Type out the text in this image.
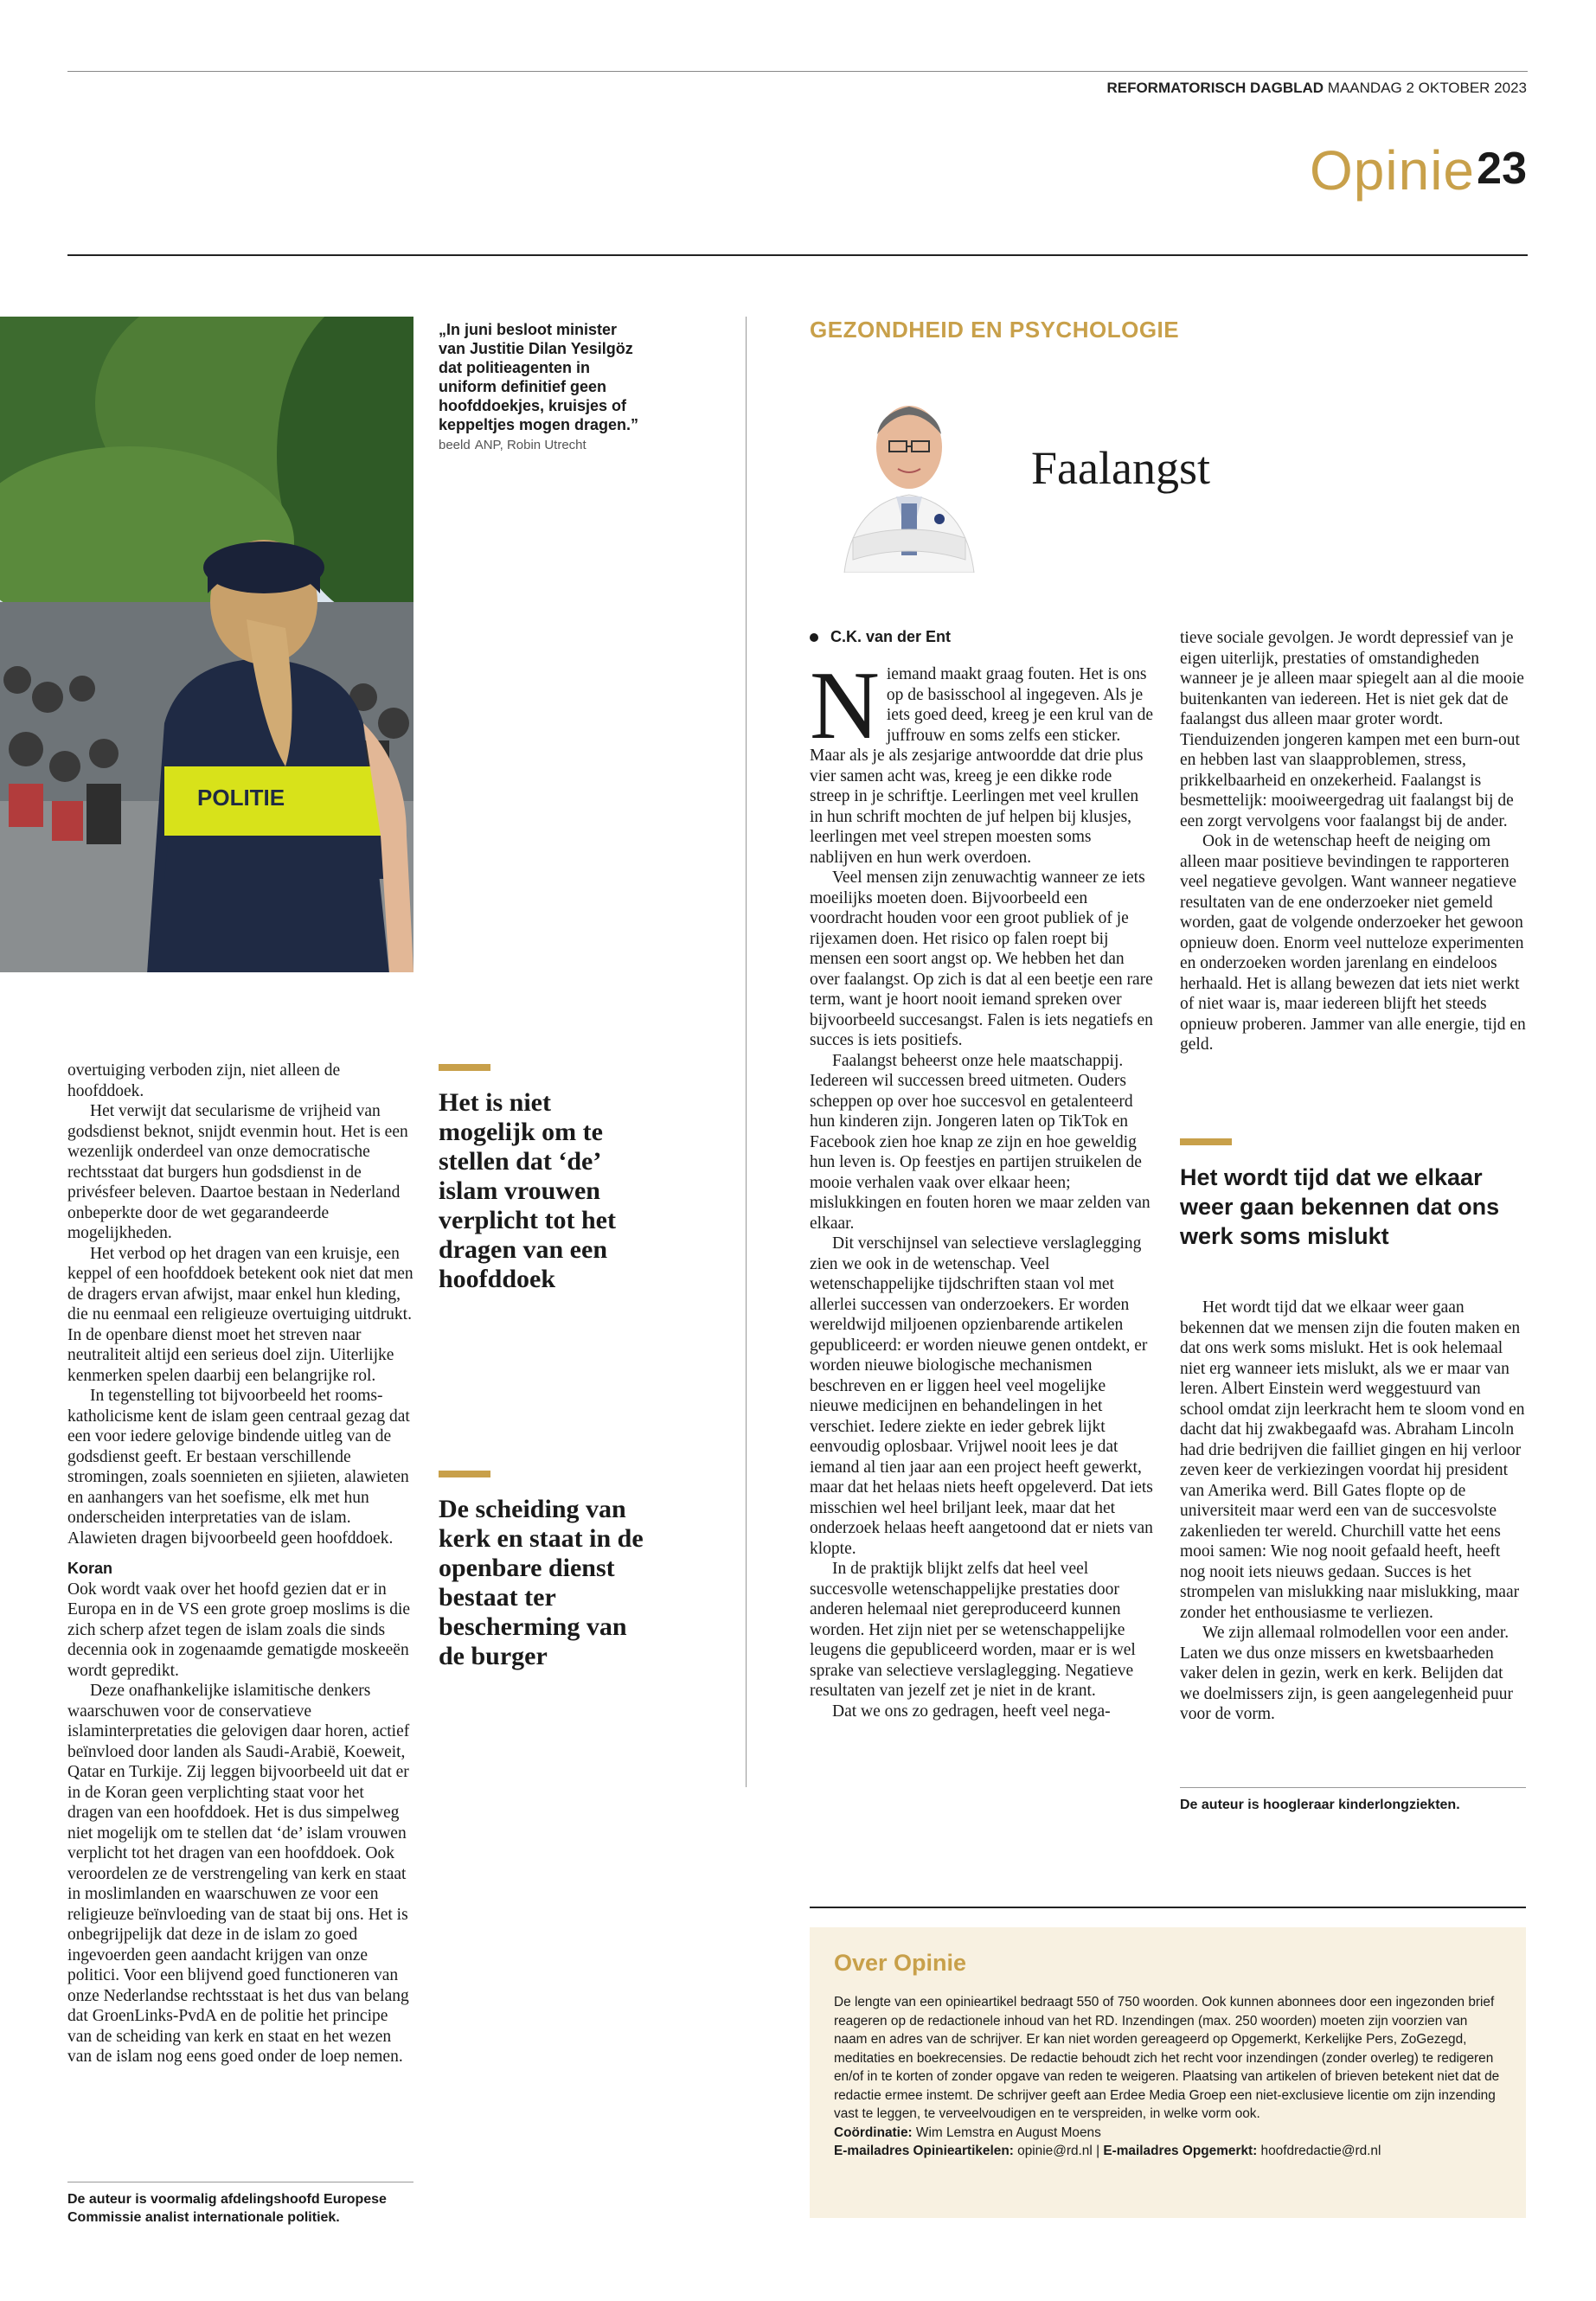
REFORMATORISCH DAGBLAD MAANDAG 2 OKTOBER 2023
Opinie 23
POLITIE
„In juni besloot minister van Justitie Dilan Yesilgöz dat politieagenten in uniform definitief geen hoofddoekjes, kruisjes of keppeltjes mogen dragen.” beeld ANP, Robin Utrecht

overtuiging verboden zijn, niet alleen de hoofddoek.

Het verwijt dat secularisme de vrijheid van godsdienst beknot, snijdt evenmin hout. Het is een wezenlijk onderdeel van onze democratische rechtsstaat dat burgers hun godsdienst in de privésfeer beleven. Daartoe bestaan in Nederland onbeperkte door de wet gegarandeerde mogelijkheden.

Het verbod op het dragen van een kruisje, een keppel of een hoofddoek betekent ook niet dat men de dragers ervan afwijst, maar enkel hun kleding, die nu eenmaal een religieuze overtuiging uitdrukt. In de openbare dienst moet het streven naar neutraliteit altijd een serieus doel zijn. Uiterlijke kenmerken spelen daarbij een belangrijke rol.

In tegenstelling tot bijvoorbeeld het rooms-katholicisme kent de islam geen centraal gezag dat een voor iedere gelovige bindende uitleg van de godsdienst geeft. Er bestaan verschillende stromingen, zoals soennieten en sjiieten, alawieten en aanhangers van het soefisme, elk met hun onderscheiden interpretaties van de islam. Alawieten dragen bijvoorbeeld geen hoofddoek.

Koran

Ook wordt vaak over het hoofd gezien dat er in Europa en in de VS een grote groep moslims is die zich scherp afzet tegen de islam zoals die sinds decennia ook in zogenaamde gematigde moskeeën wordt gepredikt.

Deze onafhankelijke islamitische denkers waarschuwen voor de conservatieve islaminterpretaties die gelovigen daar horen, actief beïnvloed door landen als Saudi-Arabië, Koeweit, Qatar en Turkije. Zij leggen bijvoorbeeld uit dat er in de Koran geen verplichting staat voor het dragen van een hoofddoek. Het is dus simpelweg niet mogelijk om te stellen dat ‘de’ islam vrouwen verplicht tot het dragen van een hoofddoek. Ook veroordelen ze de verstrengeling van kerk en staat in moslimlanden en waarschuwen ze voor een religieuze beïnvloeding van de staat bij ons. Het is onbegrijpelijk dat deze in de islam zo goed ingevoerden geen aandacht krijgen van onze politici. Voor een blijvend goed functioneren van onze Nederlandse rechtsstaat is het dus van belang dat GroenLinks-PvdA en de politie het principe van de scheiding van kerk en staat en het wezen van de islam nog eens goed onder de loep nemen.

De auteur is voormalig afdelingshoofd Europese Commissie analist internationale politiek.
Het is niet mogelijk om te stellen dat ‘de’ islam vrouwen verplicht tot het dragen van een hoofddoek
De scheiding van kerk en staat in de openbare dienst bestaat ter bescherming van de burger
GEZONDHEID EN PSYCHOLOGIE
Faalangst
C.K. van der Ent
N iemand maakt graag fouten. Het is ons op de basisschool al ingegeven. Als je iets goed deed, kreeg je een krul van de juffrouw en soms zelfs een sticker. Maar als je als zesjarige antwoordde dat drie plus vier samen acht was, kreeg je een dikke rode streep in je schriftje. Leerlingen met veel krullen in hun schrift mochten de juf helpen bij klusjes, leerlingen met veel strepen moesten soms nablijven en hun werk overdoen.

Veel mensen zijn zenuwachtig wanneer ze iets moeilijks moeten doen. Bijvoorbeeld een voordracht houden voor een groot publiek of je rijexamen doen. Het risico op falen roept bij mensen een soort angst op. We hebben het dan over faalangst. Op zich is dat al een beetje een rare term, want je hoort nooit iemand spreken over bijvoorbeeld succesangst. Falen is iets negatiefs en succes is iets positiefs.

Faalangst beheerst onze hele maatschappij. Iedereen wil successen breed uitmeten. Ouders scheppen op over hoe succesvol en getalenteerd hun kinderen zijn. Jongeren laten op TikTok en Facebook zien hoe knap ze zijn en hoe geweldig hun leven is. Op feestjes en partijen struikelen de mooie verhalen vaak over elkaar heen; mislukkingen en fouten horen we maar zelden van elkaar.

Dit verschijnsel van selectieve verslaglegging zien we ook in de wetenschap. Veel wetenschappelijke tijdschriften staan vol met allerlei successen van onderzoekers. Er worden wereldwijd miljoenen opzienbarende artikelen gepubliceerd: er worden nieuwe genen ontdekt, er worden nieuwe biologische mechanismen beschreven en er liggen heel veel mogelijke nieuwe medicijnen en behandelingen in het verschiet. Iedere ziekte en ieder gebrek lijkt eenvoudig oplosbaar. Vrijwel nooit lees je dat iemand al tien jaar aan een project heeft gewerkt, maar dat het helaas niets heeft opgeleverd. Dat iets misschien wel heel briljant leek, maar dat het onderzoek helaas heeft aangetoond dat er niets van klopte.

In de praktijk blijkt zelfs dat heel veel succesvolle wetenschappelijke prestaties door anderen helemaal niet gereproduceerd kunnen worden. Het zijn niet per se wetenschappelijke leugens die gepubliceerd worden, maar er is wel sprake van selectieve verslaglegging. Negatieve resultaten van jezelf zet je niet in de krant.

Dat we ons zo gedragen, heeft veel nega-

tieve sociale gevolgen. Je wordt depressief van je eigen uiterlijk, prestaties of omstandigheden wanneer je je alleen maar spiegelt aan al die mooie buitenkanten van iedereen. Het is niet gek dat de faalangst dus alleen maar groter wordt. Tienduizenden jongeren kampen met een burn-out en hebben last van slaapproblemen, stress, prikkelbaarheid en onzekerheid. Faalangst is besmettelijk: mooiweergedrag uit faalangst bij de een zorgt vervolgens voor faalangst bij de ander.

Ook in de wetenschap heeft de neiging om alleen maar positieve bevindingen te rapporteren veel negatieve gevolgen. Want wanneer negatieve resultaten van de ene onderzoeker niet gemeld worden, gaat de volgende onderzoeker het gewoon opnieuw doen. Enorm veel nutteloze experimenten en onderzoeken worden jarenlang en eindeloos herhaald. Het is allang bewezen dat iets niet werkt of niet waar is, maar iedereen blijft het steeds opnieuw proberen. Jammer van alle energie, tijd en geld.

Het wordt tijd dat we elkaar weer gaan bekennen dat ons werk soms mislukt

Het wordt tijd dat we elkaar weer gaan bekennen dat we mensen zijn die fouten maken en dat ons werk soms mislukt. Het is ook helemaal niet erg wanneer iets mislukt, als we er maar van leren. Albert Einstein werd weggestuurd van school omdat zijn leerkracht hem te sloom vond en dacht dat hij zwakbegaafd was. Abraham Lincoln had drie bedrijven die failliet gingen en hij verloor zeven keer de verkiezingen voordat hij president van Amerika werd. Bill Gates flopte op de universiteit maar werd een van de succesvolste zakenlieden ter wereld. Churchill vatte het eens mooi samen: Wie nog nooit gefaald heeft, heeft nog nooit iets nieuws gedaan. Succes is het strompelen van mislukking naar mislukking, maar zonder het enthousiasme te verliezen.

We zijn allemaal rolmodellen voor een ander. Laten we dus onze missers en kwetsbaarheden vaker delen in gezin, werk en kerk. Belijden dat we doelmissers zijn, is geen aangelegenheid puur voor de vorm.

De auteur is hoogleraar kinderlongziekten.
Over Opinie
De lengte van een opinieartikel bedraagt 550 of 750 woorden. Ook kunnen abonnees door een ingezonden brief reageren op de redactionele inhoud van het RD. Inzendingen (max. 250 woorden) moeten zijn voorzien van naam en adres van de schrijver. Er kan niet worden gereageerd op Opgemerkt, Kerkelijke Pers, ZoGezegd, meditaties en boekrecensies. De redactie behoudt zich het recht voor inzendingen (zonder overleg) te redigeren en/of in te korten of zonder opgave van reden te weigeren. Plaatsing van artikelen of brieven betekent niet dat de redactie ermee instemt. De schrijver geeft aan Erdee Media Groep een niet-exclusieve licentie om zijn inzending vast te leggen, te verveelvoudigen en te verspreiden, in welke vorm ook.
Coördinatie: Wim Lemstra en August Moens
E-mailadres Opinieartikelen: opinie@rd.nl | E-mailadres Opgemerkt: hoofdredactie@rd.nl
